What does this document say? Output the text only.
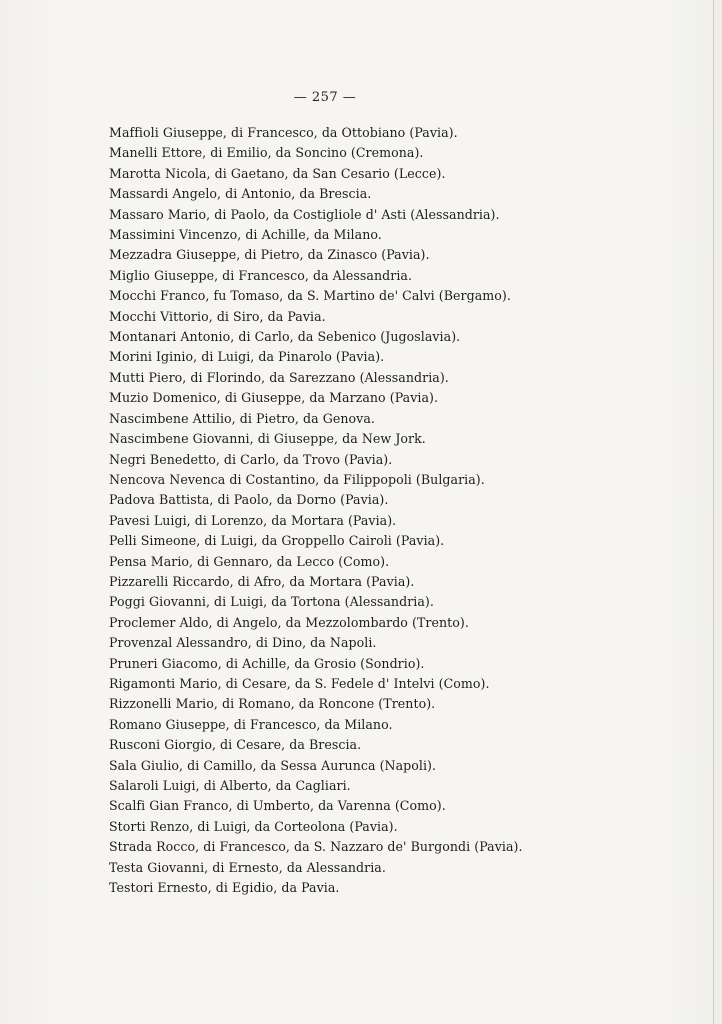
— 257 —
Maffioli Giuseppe, di Francesco, da Ottobiano (Pavia).
Manelli Ettore, di Emilio, da Soncino (Cremona).
Marotta Nicola, di Gaetano, da San Cesario (Lecce).
Massardi Angelo, di Antonio, da Brescia.
Massaro Mario, di Paolo, da Costigliole d' Asti (Alessandria).
Massimini Vincenzo, di Achille, da Milano.
Mezzadra Giuseppe, di Pietro, da Zinasco (Pavia).
Miglio Giuseppe, di Francesco, da Alessandria.
Mocchi Franco, fu Tomaso, da S. Martino de' Calvi (Bergamo).
Mocchi Vittorio, di Siro, da Pavia.
Montanari Antonio, di Carlo, da Sebenico (Jugoslavia).
Morini Iginio, di Luigi, da Pinarolo (Pavia).
Mutti Piero, di Florindo, da Sarezzano (Alessandria).
Muzio Domenico, di Giuseppe, da Marzano (Pavia).
Nascimbene Attilio, di Pietro, da Genova.
Nascimbene Giovanni, di Giuseppe, da New Jork.
Negri Benedetto, di Carlo, da Trovo (Pavia).
Nencova Nevenca di Costantino, da Filippopoli (Bulgaria).
Padova Battista, di Paolo, da Dorno (Pavia).
Pavesi Luigi, di Lorenzo, da Mortara (Pavia).
Pelli Simeone, di Luigi, da Groppello Cairoli (Pavia).
Pensa Mario, di Gennaro, da Lecco (Como).
Pizzarelli Riccardo, di Afro, da Mortara (Pavia).
Poggi Giovanni, di Luigi, da Tortona (Alessandria).
Proclemer Aldo, di Angelo, da Mezzolombardo (Trento).
Provenzal Alessandro, di Dino, da Napoli.
Pruneri Giacomo, di Achille, da Grosio (Sondrio).
Rigamonti Mario, di Cesare, da S. Fedele d' Intelvi (Como).
Rizzonelli Mario, di Romano, da Roncone (Trento).
Romano Giuseppe, di Francesco, da Milano.
Rusconi Giorgio, di Cesare, da Brescia.
Sala Giulio, di Camillo, da Sessa Aurunca (Napoli).
Salaroli Luigi, di Alberto, da Cagliari.
Scalfi Gian Franco, di Umberto, da Varenna (Como).
Storti Renzo, di Luigi, da Corteolona (Pavia).
Strada Rocco, di Francesco, da S. Nazzaro de' Burgondi (Pavia).
Testa Giovanni, di Ernesto, da Alessandria.
Testori Ernesto, di Egidio, da Pavia.
